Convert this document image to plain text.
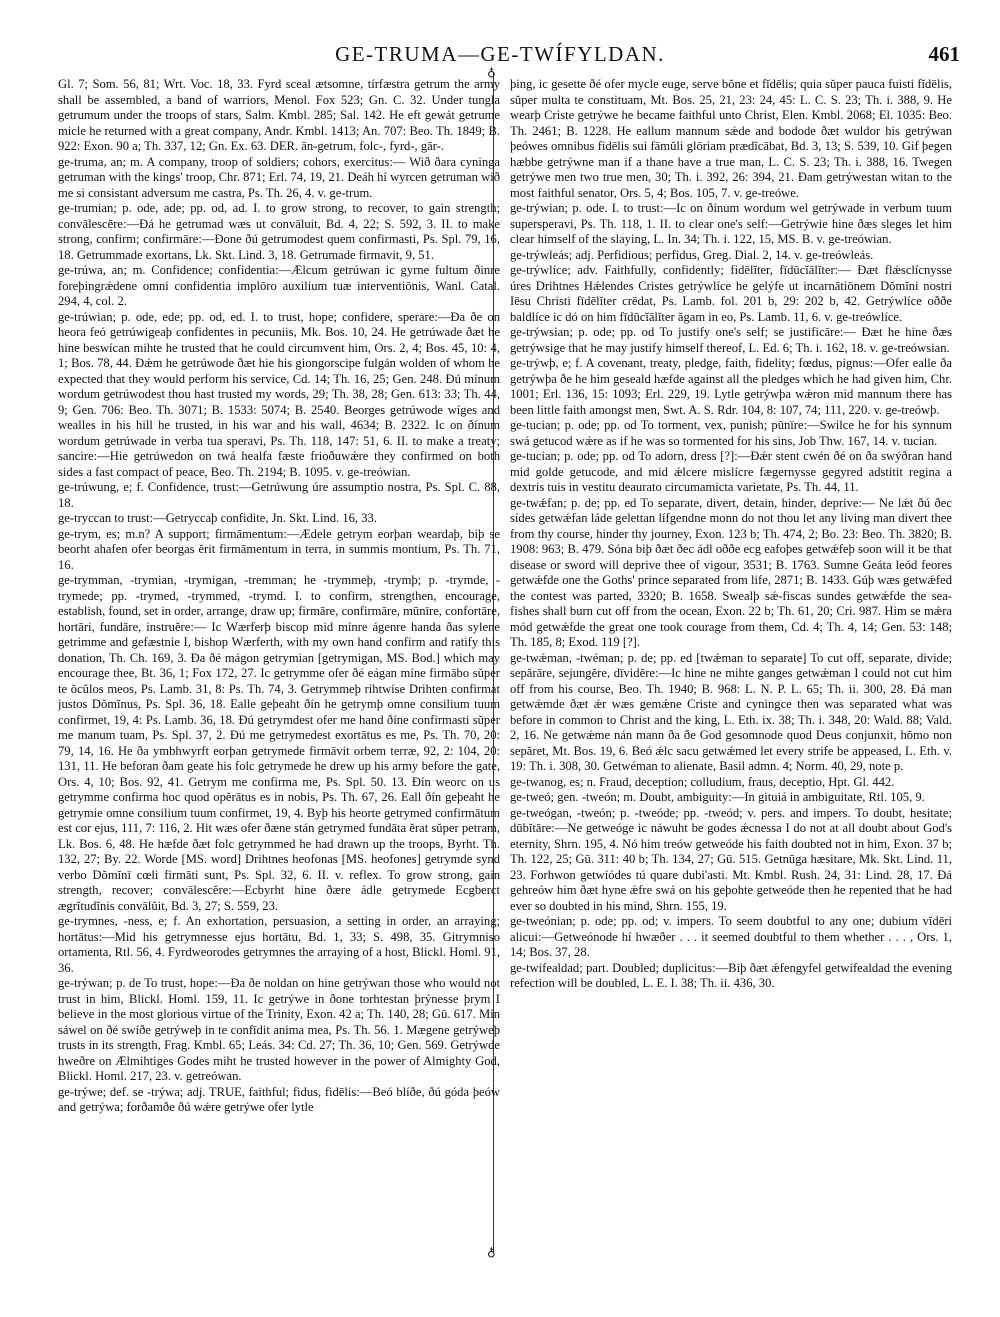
GE-TRUMA—GE-TWÍFYLDAN.	461
♁
♁

Gl. 7; Som. 56, 81; Wrt. Voc. 18, 33. Fyrd sceal ætsomne, tírfæstra getrum the army shall be assembled, a band of warriors, Menol. Fox 523; Gn. C. 32. Under tungla getrumum under the troops of stars, Salm. Kmbl. 285; Sal. 142. He eft gewát getrume micle he returned with a great company, Andr. Kmbl. 1413; An. 707: Beo. Th. 1849; B. 922: Exon. 90 a; Th. 337, 12; Gn. Ex. 63. DER. ān-getrum, folc-, fyrd-, gār-.

ge-truma, an; m. A company, troop of soldiers; cohors, exercitus:— Wið ðara cyninga getruman with the kings' troop, Chr. 871; Erl. 74, 19, 21. Deáh hí wyrcen getruman wið me si consistant adversum me castra, Ps. Th. 26, 4. v. ge-trum.

ge-trumian; p. ode, ade; pp. od, ad. I. to grow strong, to recover, to gain strength; convālescĕre:—Ðá he getrumad wæs ut convāluit, Bd. 4, 22; S. 592, 3. II. to make strong, confirm; confirmāre:—Ðone ðú getrumodest quem confirmasti, Ps. Spl. 79, 16, 18. Getrummade exortans, Lk. Skt. Lind. 3, 18. Getrumade firmavit, 9, 51.

ge-trúwa, an; m. Confidence; confidentia:—Ælcum getrúwan ic gyrne fultum ðinre foreþingrǽdene omni confidentia implōro auxilium tuæ interventiōnis, Wanl. Catal. 294, 4, col. 2.

ge-trúwian; p. ode, ede; pp. od, ed. I. to trust, hope; confidere, sperare:—Ða ðe on heora feó getrúwigeaþ confidentes in pecuniis, Mk. Bos. 10, 24. He getrúwade ðæt he hine beswícan mihte he trusted that he could circumvent him, Ors. 2, 4; Bos. 45, 10: 4, 1; Bos. 78, 44. Ðǽm he getrúwode ðæt hie his giongorscipe fulgán wolden of whom he expected that they would perform his service, Cd. 14; Th. 16, 25; Gen. 248. Ðú mínum wordum getrúwodest thou hast trusted my words, 29; Th. 38, 28; Gen. 613: 33; Th. 44, 9; Gen. 706: Beo. Th. 3071; B. 1533: 5074; B. 2540. Beorges getrúwode wíges and wealles in his hill he trusted, in his war and his wall, 4634; B. 2322. Ic on ðínum wordum getrúwade in verba tua speravi, Ps. Th. 118, 147: 51, 6. II. to make a treaty; sancire:—Hie getrúwedon on twá healfa fæste frioðuwǽre they confirmed on both sides a fast compact of peace, Beo. Th. 2194; B. 1095. v. ge-treówian.

ge-trúwung, e; f. Confidence, trust:—Getrúwung úre assumptio nostra, Ps. Spl. C. 88, 18.

ge-tryccan to trust:—Getryccaþ confidite, Jn. Skt. Lind. 16, 33.

ge-trym, es; m.n? A support; firmāmentum:—Ædele getrym eorþan weardaþ, biþ se beorht ahafen ofer beorgas ĕrit firmāmentum in terra, in summis montium, Ps. Th. 71, 16.

ge-trymman, -trymian, -trymigan, -tremman; he -trymmeþ, -trymþ; p. -trymde, -trymede; pp. -trymed, -trymmed, -trymd. I. to confirm, strengthen, encourage, establish, found, set in order, arrange, draw up; firmāre, confirmāre, mūnīre, confortāre, hortāri, fundāre, instruĕre:— Ic Wærferþ biscop mid mínre ágenre handa ðas sylene getrimme and gefæstnie I, bishop Wærferth, with my own hand confirm and ratify this donation, Th. Ch. 169, 3. Ða ðé mágon getrymian [getrymigan, MS. Bod.] which may encourage thee, Bt. 36, 1; Fox 172, 27. Ic getrymme ofer ðé eágan míne firmābo sŭper te ŏcŭlos meos, Ps. Lamb. 31, 8: Ps. Th. 74, 3. Getrymmeþ rihtwíse Drihten confirmat justos Dŏmĭnus, Ps. Spl. 36, 18. Ealle geþeaht ðín he getrymþ omne consilium tuum confirmet, 19, 4: Ps. Lamb. 36, 18. Ðú getrymdest ofer me hand ðíne confirmasti sŭper me manum tuam, Ps. Spl. 37, 2. Ðú me getrymedest exortātus es me, Ps. Th. 70, 20: 79, 14, 16. He ða ymbhwyrft eorþan getrymede firmāvit orbem terræ, 92, 2: 104, 20: 131, 11. He beforan ðam geate his folc getrymede he drew up his army before the gate, Ors. 4, 10; Bos. 92, 41. Getrym me confirma me, Ps. Spl. 50. 13. Ðín weorc on us getrymme confirma hoc quod opĕrātus es in nobis, Ps. Th. 67, 26. Eall ðín geþeaht he getrymie omne consilium tuum confirmet, 19, 4. Byþ his heorte getrymed confirmātum est cor ejus, 111, 7: 116, 2. Hit wæs ofer ðæne stán getrymed fundāta ĕrat sŭper petram, Lk. Bos. 6, 48. He hæfde ðæt folc getrymmed he had drawn up the troops, Byrht. Th. 132, 27; By. 22. Worde [MS. word] Drihtnes heofonas [MS. heofones] getrymde synd verbo Dŏmĭnī cœli firmāti sunt, Ps. Spl. 32, 6. II. v. reflex. To grow strong, gain strength, recover; convālescĕre:—Ecbyrht hine ðære ádle getrymede Ecgberct ægrĭtudĭnis convālŭit, Bd. 3, 27; S. 559, 23.

ge-trymnes, -ness, e; f. An exhortation, persuasion, a setting in order, an arraying; hortātus:—Mid his getrymnesse ejus hortātu, Bd. 1, 33; S. 498, 35. Gitrymniso ortamenta, Rtl. 56, 4. Fyrdweorodes getrymnes the arraying of a host, Blickl. Homl. 91, 36.

ge-trýwan; p. de To trust, hope:—Ða ðe noldan on hine getrýwan those who would not trust in him, Blickl. Homl. 159, 11. Ic getrýwe in ðone torhtestan þrýnesse þrym I believe in the most glorious virtue of the Trinity, Exon. 42 a; Th. 140, 28; Gū. 617. Mín sáwel on ðé swíðe getrýweþ in te confīdit anima mea, Ps. Th. 56. 1. Mægene getrýweþ trusts in its strength, Frag. Kmbl. 65; Leás. 34: Cd. 27; Th. 36, 10; Gen. 569. Getrýwde hweðre on Ælmihtiges Godes miht he trusted however in the power of Almighty God, Blickl. Homl. 217, 23. v. getreówan.

ge-trýwe; def. se -trýwa; adj. TRUE, faithful; fidus, fidēlis:—Beó blíðe, ðú góda þeów and getrýwa; forðamðe ðú wǽre getrýwe ofer lytle

þing, ic gesette ðé ofer mycle euge, serve bŏne et fĭdēlis; quia sŭper pauca fuisti fĭdēlis, sŭper multa te constituam, Mt. Bos. 25, 21, 23: 24, 45: L. C. S. 23; Th. i. 388, 9. He wearþ Criste getrýwe he became faithful unto Christ, Elen. Kmbl. 2068; El. 1035: Beo. Th. 2461; B. 1228. He eallum mannum sǽde and bodode ðæt wuldor his getrýwan þeówes omnibus fidēlis sui fāmŭli glōriam prædĭcābat, Bd. 3, 13; S. 539, 10. Gif þegen hæbbe getrýwne man if a thane have a true man, L. C. S. 23; Th. i. 388, 16. Twegen getrýwe men two true men, 30; Th. i. 392, 26: 394, 21. Ðam getrýwestan witan to the most faithful senator, Ors. 5, 4; Bos. 105, 7. v. ge-treówe.

ge-trýwian; p. ode. I. to trust:—Ic on ðínum wordum wel getrýwade in verbum tuum supersperavi, Ps. Th. 118, 1. II. to clear one's self:—Getrýwie hine ðæs sleges let him clear himself of the slaying, L. In. 34; Th. i. 122, 15, MS. B. v. ge-treówian.

ge-trýwleás; adj. Perfidious; perfidus, Greg. Dial. 2, 14. v. ge-treówleás.

ge-trýwlíce; adv. Faithfully, confidently; fidēlĭter, fīdūcĭālĭter:— Ðæt flǽsclícnysse úres Drihtnes Hǽlendes Cristes getrýwlíce he gelýfe ut incarnātiōnem Dŏmĭni nostri Iēsu Christi fīdēlĭter crēdat, Ps. Lamb. fol. 201 b, 29: 202 b, 42. Getrýwlíce oððe baldlíce ic dó on him fīdūcĭālĭter ăgam in eo, Ps. Lamb. 11, 6. v. ge-treówlíce.

ge-trýwsian; p. ode; pp. od To justify one's self; se justificāre:— Ðæt he hine ðæs getrýwsige that he may justify himself thereof, L. Ed. 6; Th. i. 162, 18. v. ge-treówsian.

ge-trýwþ, e; f. A covenant, treaty, pledge, faith, fidelity; fœdus, pignus:—Ofer ealle ða getrýwþa ðe he him geseald hæfde against all the pledges which he had given him, Chr. 1001; Erl. 136, 15: 1093; Erl. 229, 19. Lytle getrýwþa wǽron mid mannum there has been little faith amongst men, Swt. A. S. Rdr. 104, 8: 107, 74; 111, 220. v. ge-treówþ.

ge-tucian; p. ode; pp. od To torment, vex, punish; pūnīre:—Swilce he for his synnum swá getucod wǽre as if he was so tormented for his sins, Job Thw. 167, 14. v. tucian.

ge-tucian; p. ode; pp. od To adorn, dress [?]:—Ðǽr stent cwén ðé on ða swýðran hand mid golde getucode, and mid ǽlcere mislícre fægernysse gegyred adstitit regina a dextris tuis in vestitu deaurato circumamicta varietate, Ps. Th. 44, 11.

ge-twǽfan; p. de; pp. ed To separate, divert, detain, hinder, deprive:— Ne lǽt ðú ðec sídes getwǽfan láde gelettan lífgendne monn do not thou let any living man divert thee from thy course, hinder thy journey, Exon. 123 b; Th. 474, 2; Bo. 23: Beo. Th. 3820; B. 1908: 963; B. 479. Sóna biþ ðæt ðec ádl oððe ecg eafoþes getwǽfeþ soon will it be that disease or sword will deprive thee of vigour, 3531; B. 1763. Sumne Geáta leód feores getwǽfde one the Goths' prince separated from life, 2871; B. 1433. Gúþ wæs getwǽfed the contest was parted, 3320; B. 1658. Swealþ sǽ-fiscas sundes getwǽfde the sea-fishes shall burn cut off from the ocean, Exon. 22 b; Th. 61, 20; Cri. 987. Him se mǽra mód getwǽfde the great one took courage from them, Cd. 4; Th. 4, 14; Gen. 53: 148; Th. 185, 8; Exod. 119 [?].

ge-twǽman, -twéman; p. de; pp. ed [twǽman to separate] To cut off, separate, divide; sepărāre, sejungĕre, dīvidĕre:—Ic hine ne mihte ganges getwǽman I could not cut him off from his course, Beo. Th. 1940; B. 968: L. N. P. L. 65; Th. ii. 300, 28. Ðá man getwǽmde ðæt ǽr wæs gemǽne Criste and cyningce then was separated what was before in common to Christ and the king, L. Eth. ix. 38; Th. i. 348, 20: Wald. 88; Vald. 2, 16. Ne getwǽme nán mann ða ðe God gesomnode quod Deus conjunxit, hŏmo non sepăret, Mt. Bos. 19, 6. Beó ǽlc sacu getwǽmed let every strife be appeased, L. Eth. v. 19: Th. i. 308, 30. Getwéman to alienate, Basil admn. 4; Norm. 40, 29, note p.

ge-twanog, es; n. Fraud, deception; colludium, fraus, deceptio, Hpt. Gl. 442.

ge-tweó; gen. -tweón; m. Doubt, ambiguity:—In gituiá in ambiguitate, Rtl. 105, 9.

ge-tweógan, -tweón; p. -tweóde; pp. -tweód; v. pers. and impers. To doubt, hesitate; dūbĭtāre:—Ne getweóge ic náwuht be godes ǽcnessa I do not at all doubt about God's eternity, Shrn. 195, 4. Nó him treów getweóde his faith doubted not in him, Exon. 37 b; Th. 122, 25; Gū. 311: 40 b; Th. 134, 27; Gū. 515. Getnūga hæsitare, Mk. Skt. Lind. 11, 23. Forhwon getwíódes tú quare dubi'asti. Mt. Kmbl. Rush. 24, 31: Lind. 28, 17. Ðá gehreów him ðæt hyne ǽfre swá on his geþohte getweóde then he repented that he had ever so doubted in his mind, Shrn. 155, 19.

ge-tweónian; p. ode; pp. od; v. impers. To seem doubtful to any one; dubium vĭdēri alicui:—Getweónode hí hwæðer . . . it seemed doubtful to them whether . . . , Ors. 1, 14; Bos. 37, 28.

ge-twífealdad; part. Doubled; duplicitus:—Biþ ðæt ǽfengyfel getwífealdad the evening refection will be doubled, L. E. I. 38; Th. ii. 436, 30.
